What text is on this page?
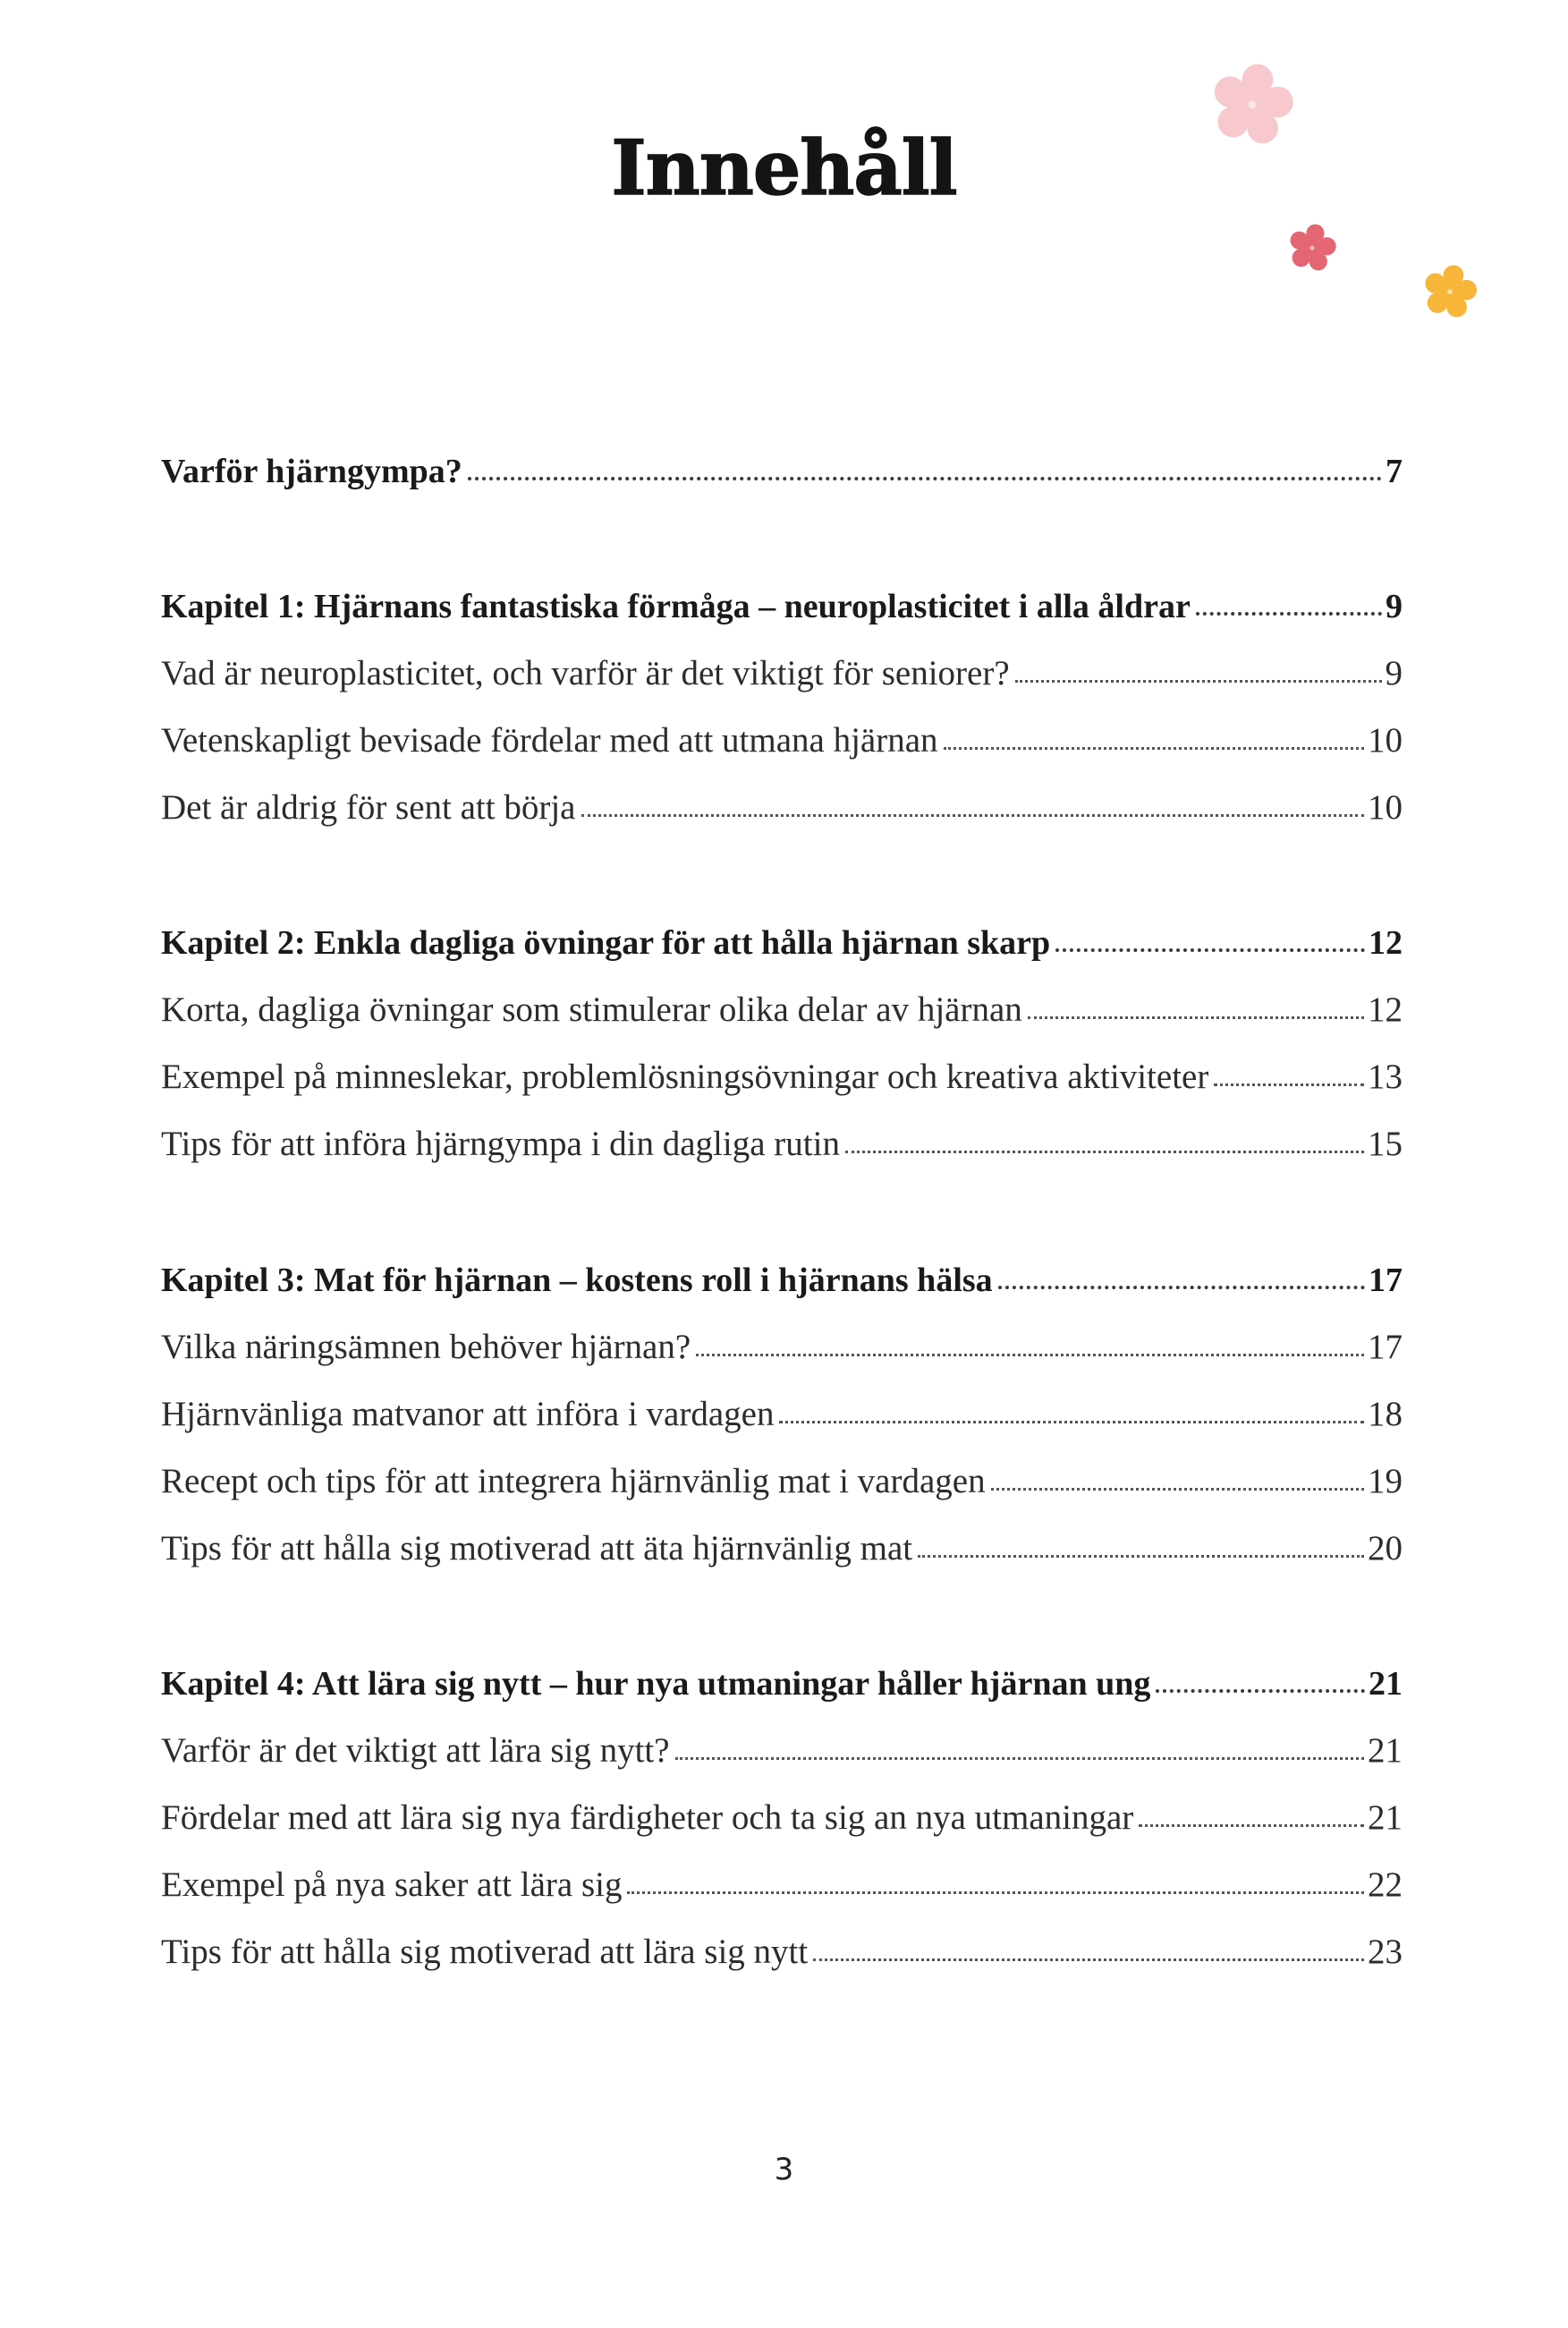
Innehåll
Varför hjärngympa?	7
Kapitel 1: Hjärnans fantastiska förmåga – neuroplasticitet i alla åldrar	9
Vad är neuroplasticitet, och varför är det viktigt för seniorer?	9
Vetenskapligt bevisade fördelar med att utmana hjärnan	10
Det är aldrig för sent att börja	10
Kapitel 2: Enkla dagliga övningar för att hålla hjärnan skarp	12
Korta, dagliga övningar som stimulerar olika delar av hjärnan	12
Exempel på minneslekar, problemlösningsövningar och kreativa aktiviteter	13
Tips för att införa hjärngympa i din dagliga rutin	15
Kapitel 3: Mat för hjärnan – kostens roll i hjärnans hälsa	17
Vilka näringsämnen behöver hjärnan?	17
Hjärnvänliga matvanor att införa i vardagen	18
Recept och tips för att integrera hjärnvänlig mat i vardagen	19
Tips för att hålla sig motiverad att äta hjärnvänlig mat	20
Kapitel 4: Att lära sig nytt – hur nya utmaningar håller hjärnan ung	21
Varför är det viktigt att lära sig nytt?	21
Fördelar med att lära sig nya färdigheter och ta sig an nya utmaningar	21
Exempel på nya saker att lära sig	22
Tips för att hålla sig motiverad att lära sig nytt	23
3
